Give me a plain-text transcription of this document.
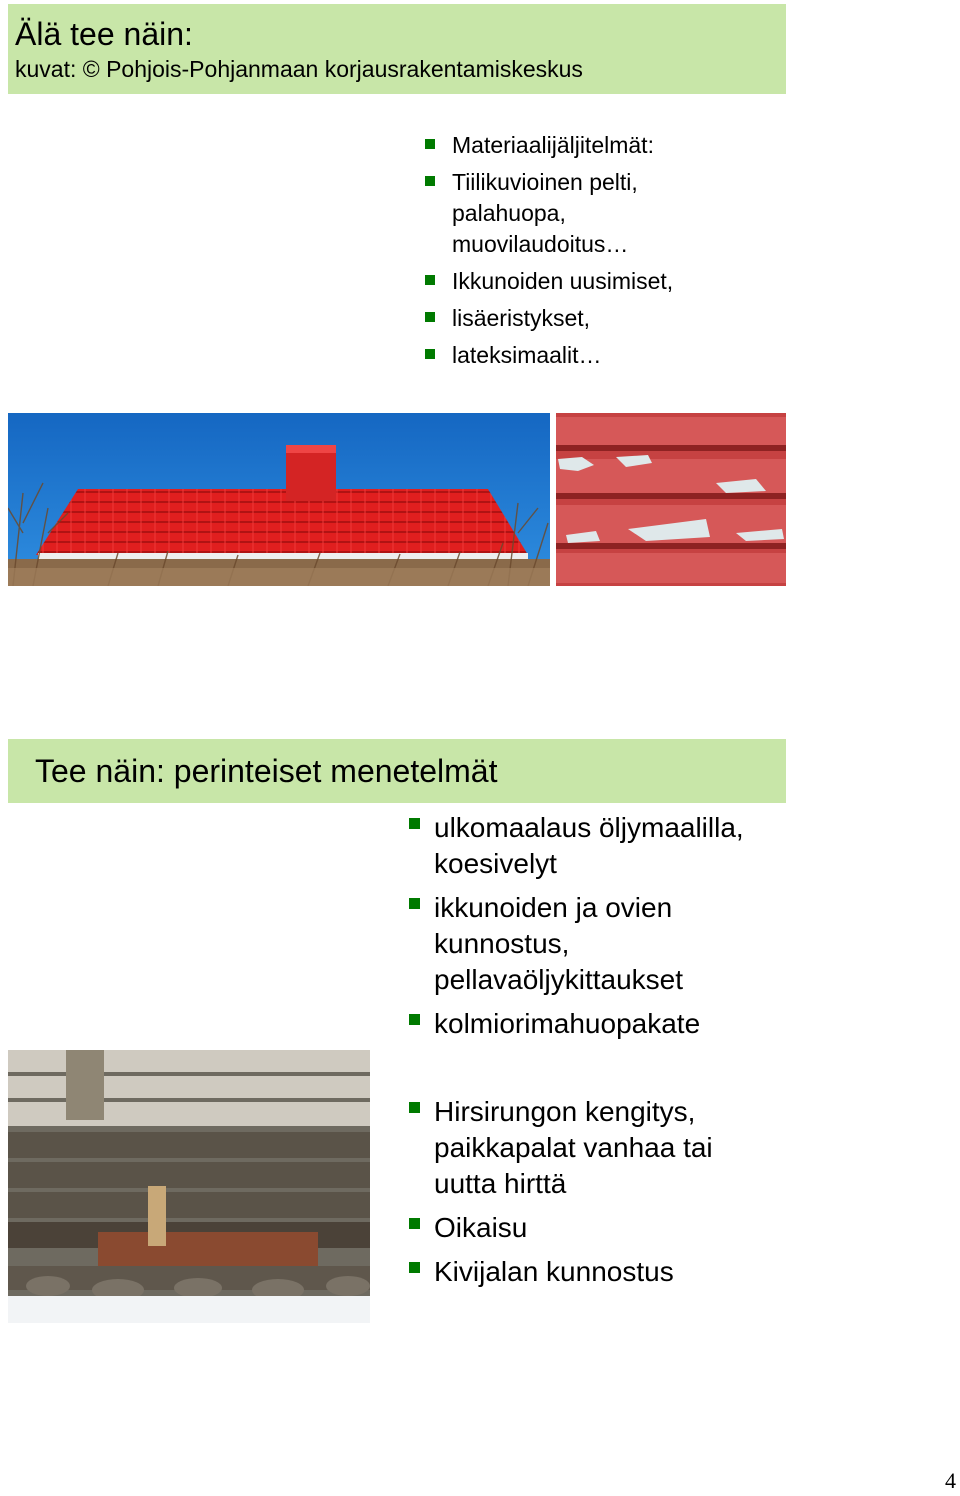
Älä tee näin:
kuvat: © Pohjois-Pohjanmaan korjausrakentamiskeskus
Materiaalijäljitelmät:
Tiilikuvioinen pelti, palahuopa, muovilaudoitus…
Ikkunoiden uusimiset,
lisäeristykset,
lateksimaalit…
Tee näin: perinteiset menetelmät
ulkomaalaus öljymaalilla, koesivelyt
ikkunoiden ja ovien kunnostus, pellavaöljykittaukset
kolmiorimahuopakate
Hirsirungon kengitys, paikkapalat vanhaa tai uutta hirttä
Oikaisu
Kivijalan kunnostus
4
